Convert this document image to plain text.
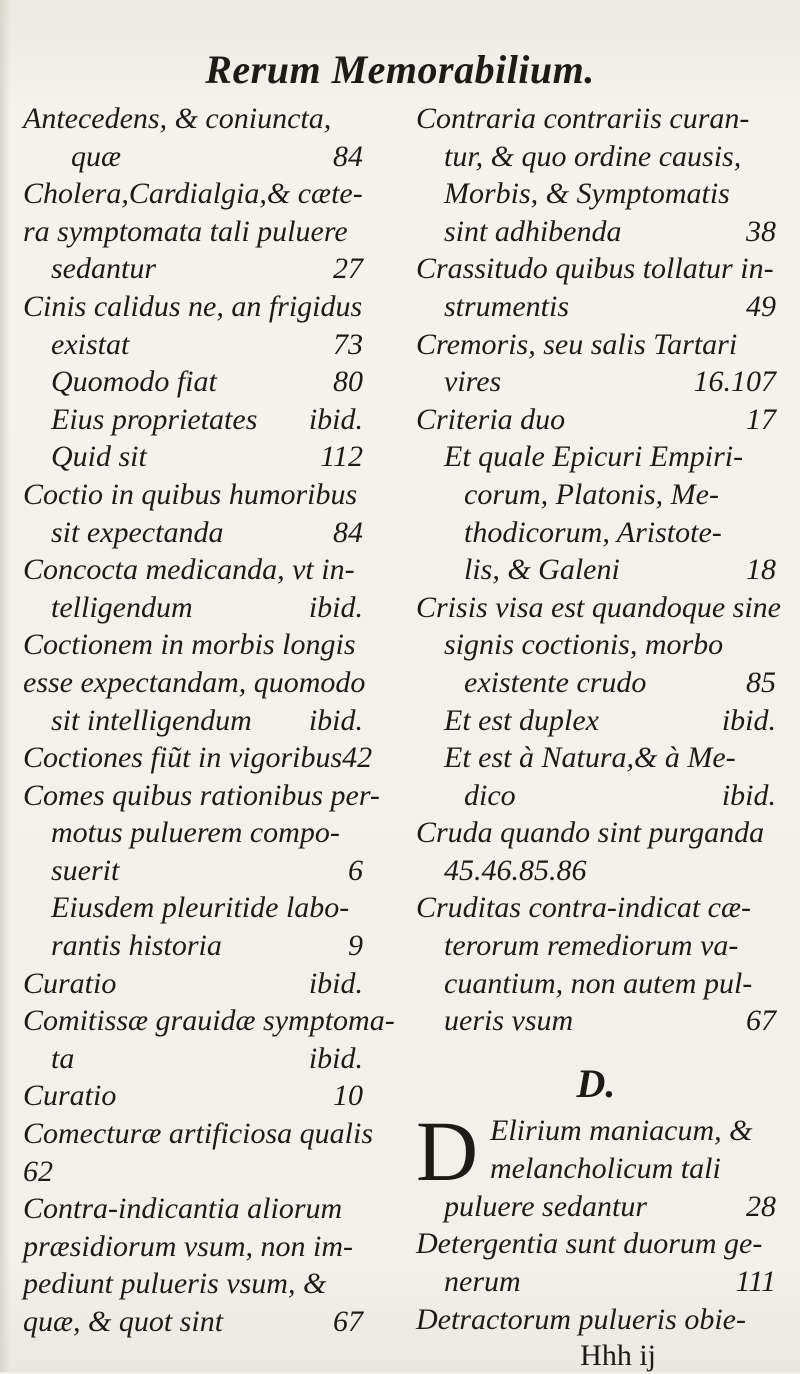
Rerum Memorabilium.
Antecedens, & coniuncta,
quæ	84
Cholera,Cardialgia,& cæte-
ra symptomata tali puluere
sedantur	27
Cinis calidus ne, an frigidus
existat	73
Quomodo fiat	80
Eius proprietates	ibid.
Quid sit	112
Coctio in quibus humoribus
sit expectanda	84
Concocta medicanda, vt in-
telligendum	ibid.
Coctionem in morbis longis
esse expectandam, quomodo
sit intelligendum	ibid.
Coctiones fiũt in vigoribus 42
Comes quibus rationibus per-
motus puluerem compo-
suerit	6
Eiusdem pleuritide labo-
rantis historia	9
Curatio	ibid.
Comitissæ grauidæ symptoma-
ta	ibid.
Curatio	10
Comecturæ artificiosa qualis
62
Contra-indicantia aliorum
præsidiorum vsum, non im-
pediunt pulueris vsum, &
quæ, & quot sint	67
Contraria contrariis curan-
tur, & quo ordine causis,
Morbis, & Symptomatis
sint adhibenda	38
Crassitudo quibus tollatur in-
strumentis	49
Cremoris, seu salis Tartari
vires	16.107
Criteria duo	17
Et quale Epicuri Empiri-
corum, Platonis, Me-
thodicorum, Aristote-
lis, & Galeni	18
Crisis visa est quandoque sine
signis coctionis, morbo
existente crudo	85
Et est duplex	ibid.
Et est à Natura,& à Me-
dico	ibid.
Cruda quando sint purganda
45.46.85.86
Cruditas contra-indicat cæ-
terorum remediorum va-
cuantium, non autem pul-
ueris vsum	67
D.
D Elirium maniacum, &
melancholicum tali
puluere sedantur	28
Detergentia sunt duorum ge-
nerum	111
Detractorum pulueris obie-
Hhh ij
